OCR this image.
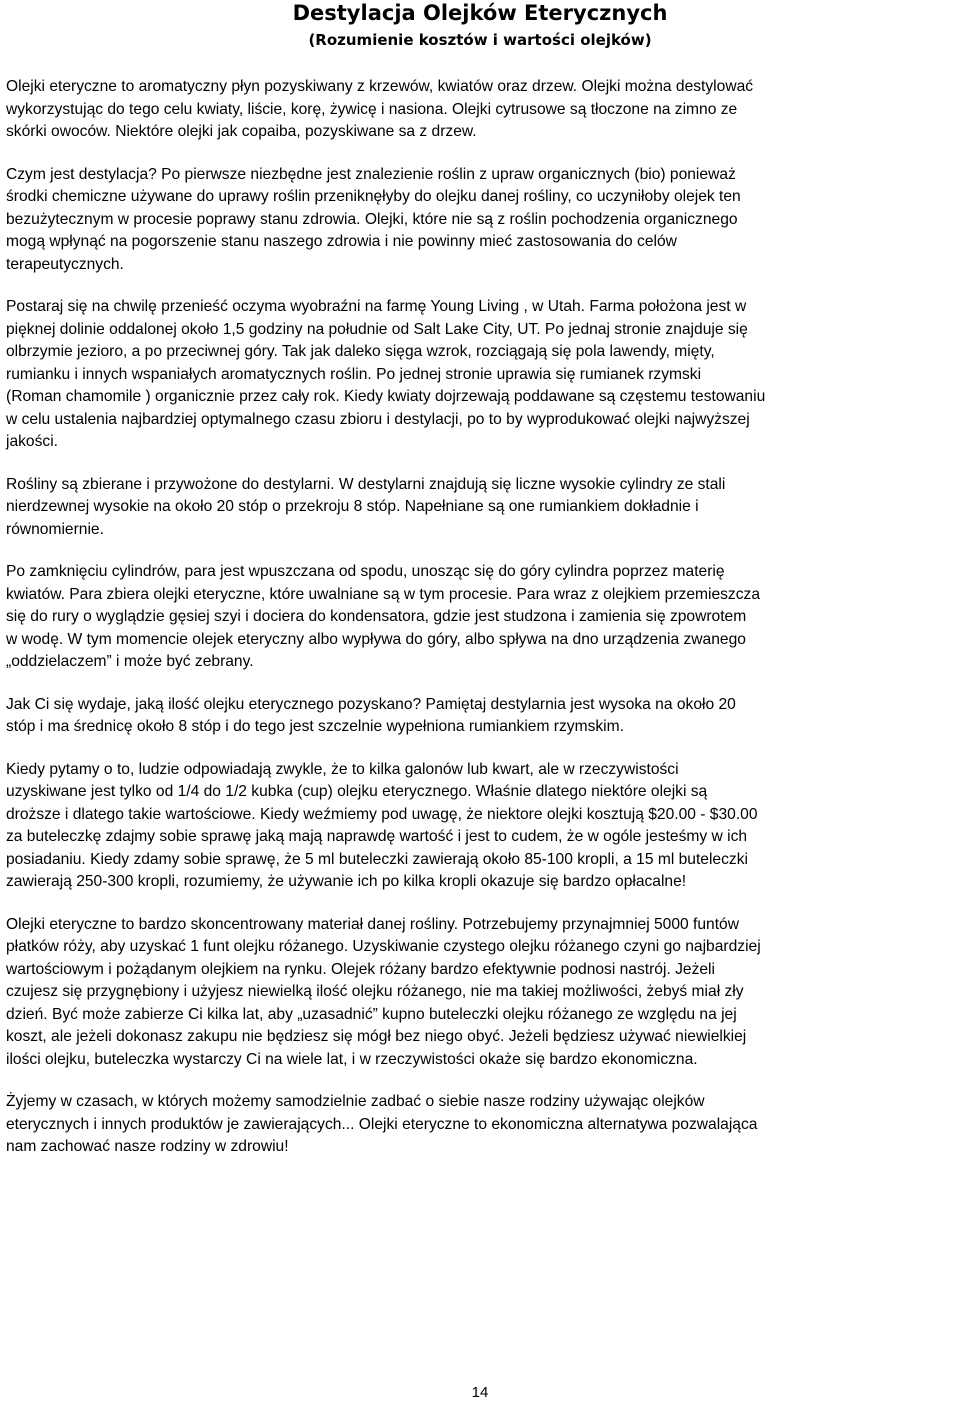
Destylacja Olejków Eterycznych
(Rozumienie kosztów i wartości olejków)

Olejki eteryczne to aromatyczny płyn pozyskiwany z krzewów, kwiatów oraz drzew. Olejki można destylować
wykorzystując do tego celu kwiaty, liście, korę, żywicę i nasiona. Olejki cytrusowe są tłoczone na zimno ze
skórki owoców. Niektóre olejki jak copaiba, pozyskiwane sa z drzew.

Czym jest destylacja? Po pierwsze niezbędne jest znalezienie roślin z upraw organicznych (bio) ponieważ
środki chemiczne używane do uprawy roślin przeniknęłyby do olejku danej rośliny, co uczyniłoby olejek ten
bezużytecznym w procesie poprawy stanu zdrowia. Olejki, które nie są z roślin pochodzenia organicznego
mogą wpłynąć na pogorszenie stanu naszego zdrowia i nie powinny mieć zastosowania do celów
terapeutycznych.

Postaraj się na chwilę przenieść oczyma wyobraźni na farmę Young Living , w Utah. Farma położona jest w
pięknej dolinie oddalonej około 1,5 godziny na południe od Salt Lake City, UT. Po jednaj stronie znajduje się
olbrzymie jezioro, a po przeciwnej góry. Tak jak daleko sięga wzrok, rozciągają się pola lawendy, mięty,
rumianku i innych wspaniałych aromatycznych roślin. Po jednej stronie uprawia się rumianek rzymski
(Roman chamomile ) organicznie przez cały rok. Kiedy kwiaty dojrzewają poddawane są częstemu testowaniu
w celu ustalenia najbardziej optymalnego czasu zbioru i destylacji, po to by wyprodukować olejki najwyższej
jakości.

Rośliny są zbierane i przywożone do destylarni. W destylarni znajdują się liczne wysokie cylindry ze stali
nierdzewnej wysokie na około 20 stóp o przekroju 8 stóp. Napełniane są one rumiankiem dokładnie i
równomiernie.

Po zamknięciu cylindrów, para jest wpuszczana od spodu, unosząc się do góry cylindra poprzez materię
kwiatów. Para zbiera olejki eteryczne, które uwalniane są w tym procesie. Para wraz z olejkiem przemieszcza
się do rury o wyglądzie gęsiej szyi i dociera do kondensatora, gdzie jest studzona i zamienia się zpowrotem
w wodę. W tym momencie olejek eteryczny albo wypływa do góry, albo spływa na dno urządzenia zwanego
„oddzielaczem” i może być zebrany.

Jak Ci się wydaje, jaką ilość olejku eterycznego pozyskano? Pamiętaj destylarnia jest wysoka na około 20
stóp i ma średnicę około 8 stóp i do tego jest szczelnie wypełniona rumiankiem rzymskim.

Kiedy pytamy o to, ludzie odpowiadają zwykle, że to kilka galonów lub kwart, ale w rzeczywistości
uzyskiwane jest tylko od 1/4 do 1/2 kubka (cup) olejku eterycznego. Właśnie dlatego niektóre olejki są
droższe i dlatego takie wartościowe. Kiedy weźmiemy pod uwagę, że niektore olejki kosztują $20.00 - $30.00
za buteleczkę zdajmy sobie sprawę jaką mają naprawdę wartość i jest to cudem, że w ogóle jesteśmy w ich
posiadaniu. Kiedy zdamy sobie sprawę, że 5 ml buteleczki zawierają około 85-100 kropli, a 15 ml buteleczki
zawierają 250-300 kropli, rozumiemy, że używanie ich po kilka kropli okazuje się bardzo opłacalne!

Olejki eteryczne to bardzo skoncentrowany materiał danej rośliny. Potrzebujemy przynajmniej 5000 funtów
płatków róży, aby uzyskać 1 funt olejku różanego. Uzyskiwanie czystego olejku różanego czyni go najbardziej
wartościowym i pożądanym olejkiem na rynku. Olejek różany bardzo efektywnie podnosi nastrój. Jeżeli
czujesz się przygnębiony i użyjesz niewielką ilość olejku różanego, nie ma takiej możliwości, żebyś miał zły
dzień. Być może zabierze Ci kilka lat, aby „uzasadnić” kupno buteleczki olejku różanego ze względu na jej
koszt, ale jeżeli dokonasz zakupu nie będziesz się mógł bez niego obyć. Jeżeli będziesz używać niewielkiej
ilości olejku, buteleczka wystarczy Ci na wiele lat, i w rzeczywistości okaże się bardzo ekonomiczna.

Żyjemy w czasach, w których możemy samodzielnie zadbać o siebie nasze rodziny używając olejków
eterycznych i innych produktów je zawierających... Olejki eteryczne to ekonomiczna alternatywa pozwalająca
nam zachować nasze rodziny w zdrowiu!

14
